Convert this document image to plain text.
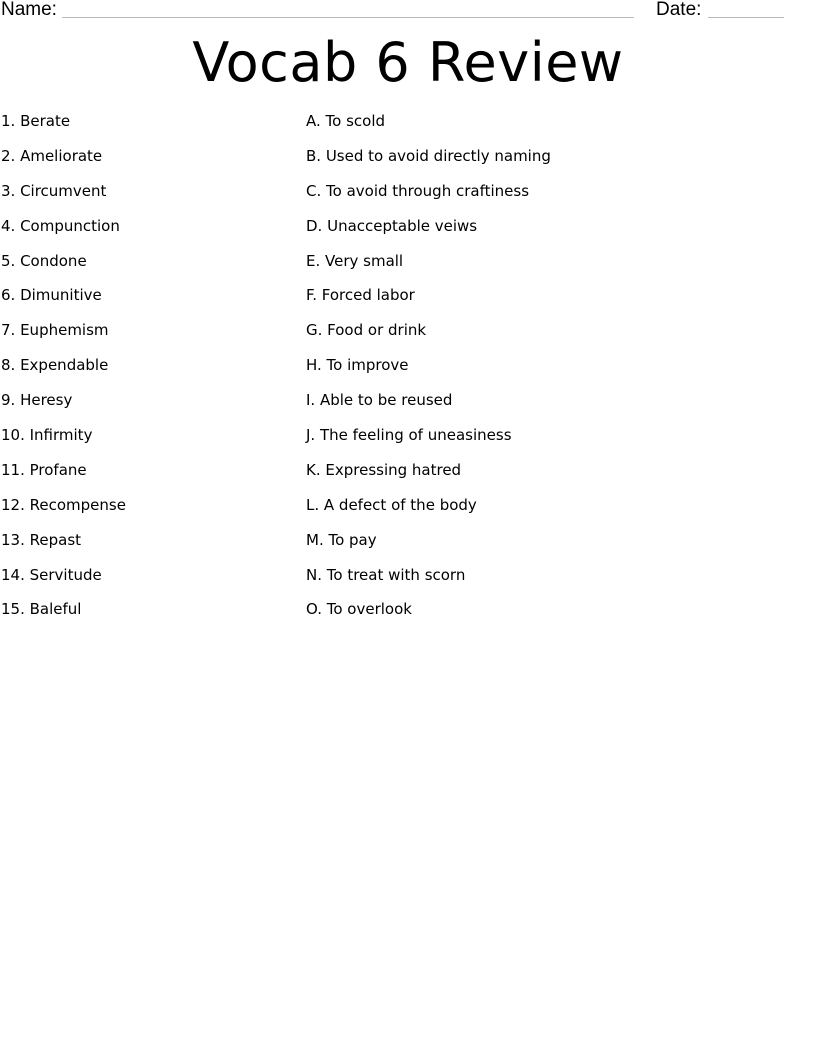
Name:	Date:
Vocab 6 Review
1. Berate	A. To scold
2. Ameliorate	B. Used to avoid directly naming
3. Circumvent	C. To avoid through craftiness
4. Compunction	D. Unacceptable veiws
5. Condone	E. Very small
6. Dimunitive	F. Forced labor
7. Euphemism	G. Food or drink
8. Expendable	H. To improve
9. Heresy	I. Able to be reused
10. Infirmity	J. The feeling of uneasiness
11. Profane	K. Expressing hatred
12. Recompense	L. A defect of the body
13. Repast	M. To pay
14. Servitude	N. To treat with scorn
15. Baleful	O. To overlook
